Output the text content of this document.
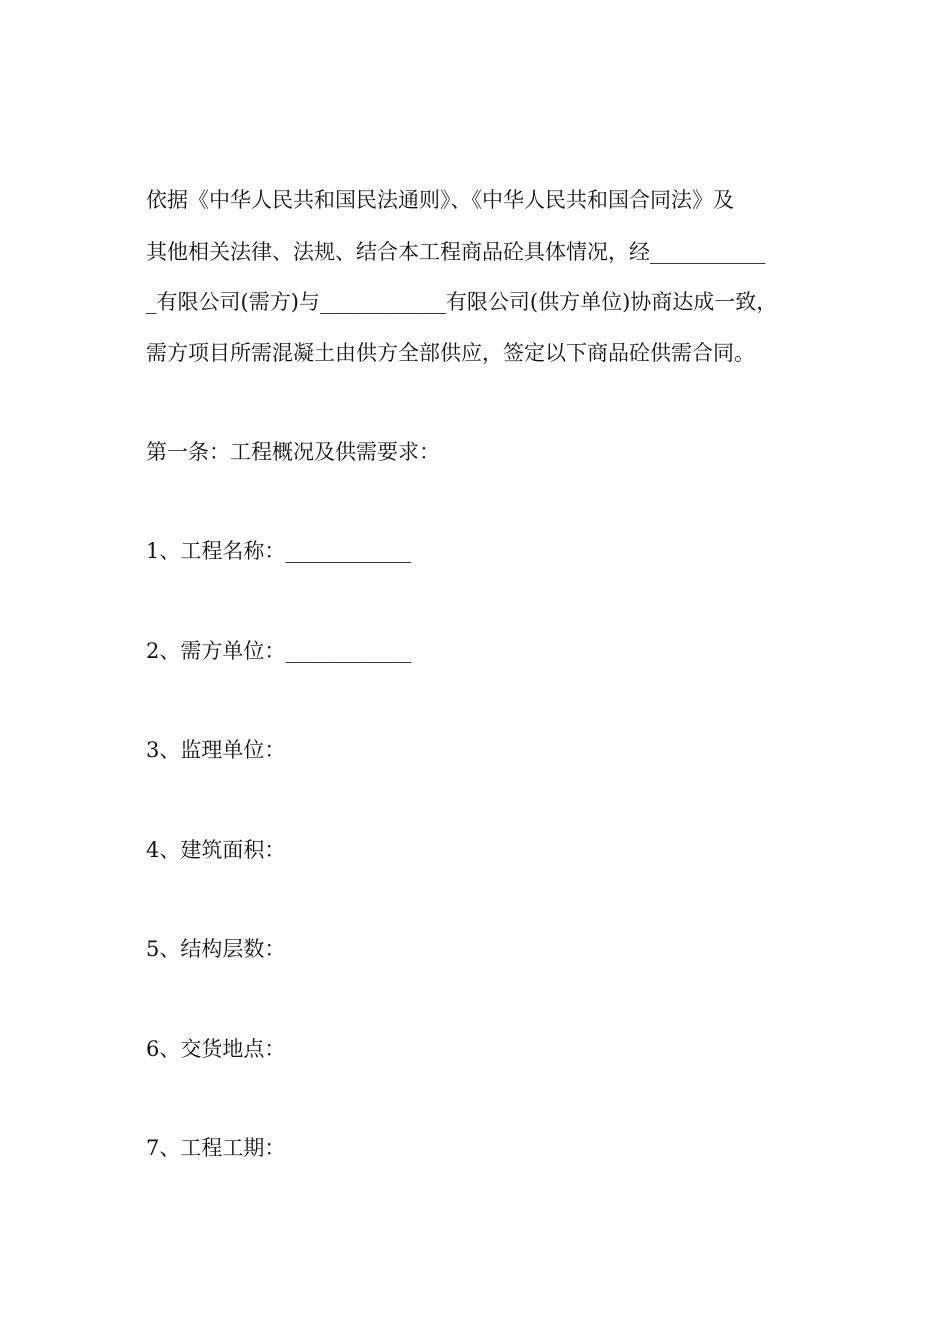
依据《中华人民共和国民法通则》、《中华人民共和国合同法》及
其他相关法律、法规、结合本工程商品砼具体情况，经___________
_有限公司(需方)与____________有限公司(供方单位)协商达成一致，
需方项目所需混凝土由供方全部供应，签定以下商品砼供需合同。
第一条：工程概况及供需要求：
1、工程名称：____________
2、需方单位：____________
3、监理单位：
4、建筑面积：
5、结构层数：
6、交货地点：
7、工程工期：
